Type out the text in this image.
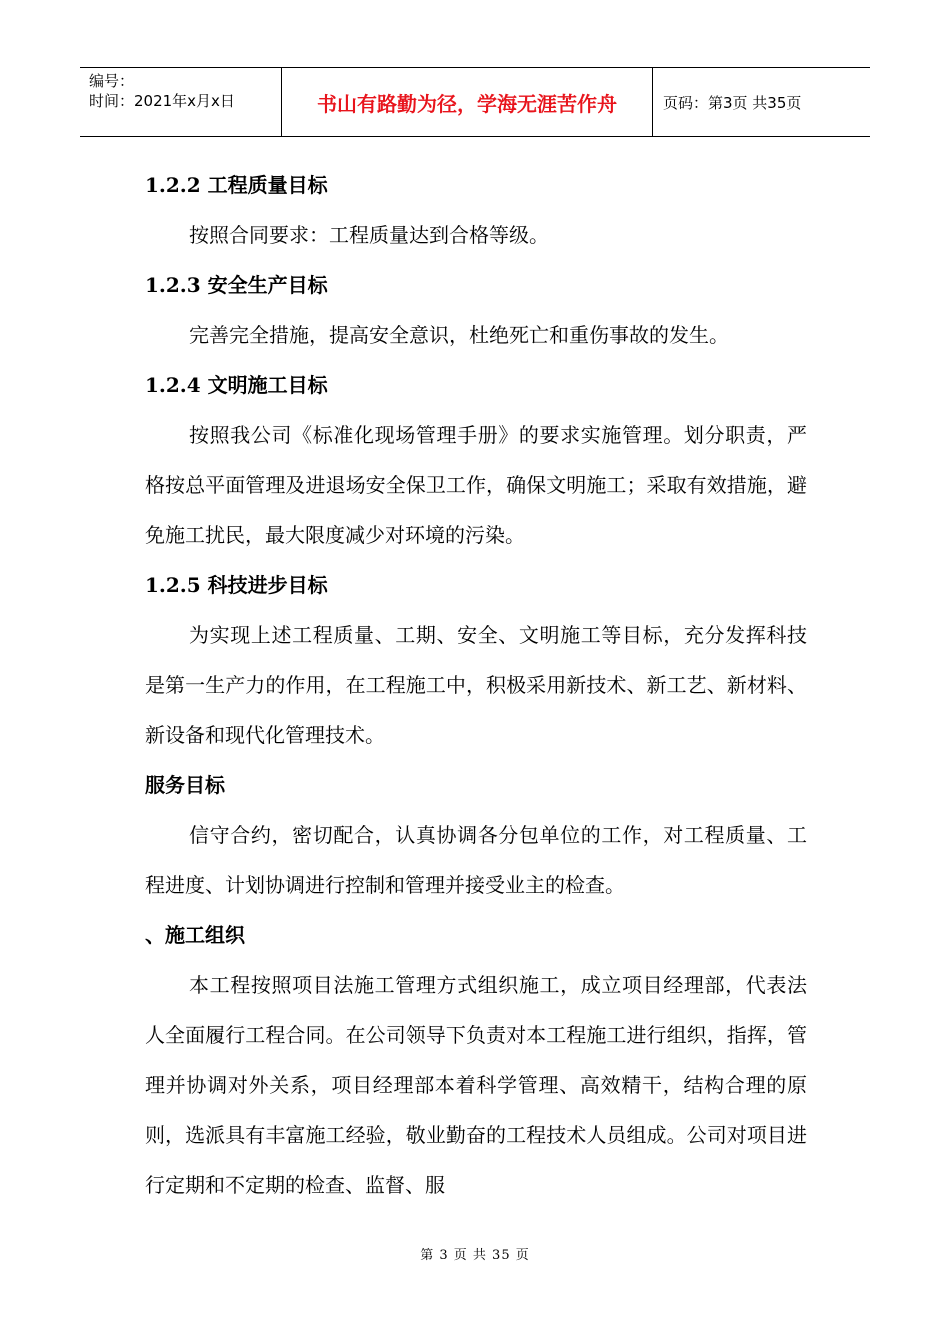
编号：
时间：2021年x月x日	书山有路勤为径，学海无涯苦作舟	页码：第3页 共35页
1.2.2 工程质量目标
按照合同要求：工程质量达到合格等级。
1.2.3 安全生产目标
完善完全措施，提高安全意识，杜绝死亡和重伤事故的发生。
1.2.4 文明施工目标
按照我公司《标准化现场管理手册》的要求实施管理。划分职责，严格按总平面管理及进退场安全保卫工作，确保文明施工；采取有效措施，避免施工扰民，最大限度减少对环境的污染。
1.2.5 科技进步目标
为实现上述工程质量、工期、安全、文明施工等目标，充分发挥科技是第一生产力的作用，在工程施工中，积极采用新技术、新工艺、新材料、新设备和现代化管理技术。
服务目标
信守合约，密切配合，认真协调各分包单位的工作，对工程质量、工程进度、计划协调进行控制和管理并接受业主的检查。
、施工组织
本工程按照项目法施工管理方式组织施工，成立项目经理部，代表法人全面履行工程合同。在公司领导下负责对本工程施工进行组织，指挥，管理并协调对外关系，项目经理部本着科学管理、高效精干，结构合理的原则，选派具有丰富施工经验，敬业勤奋的工程技术人员组成。公司对项目进行定期和不定期的检查、监督、服
第 3 页 共 35 页
